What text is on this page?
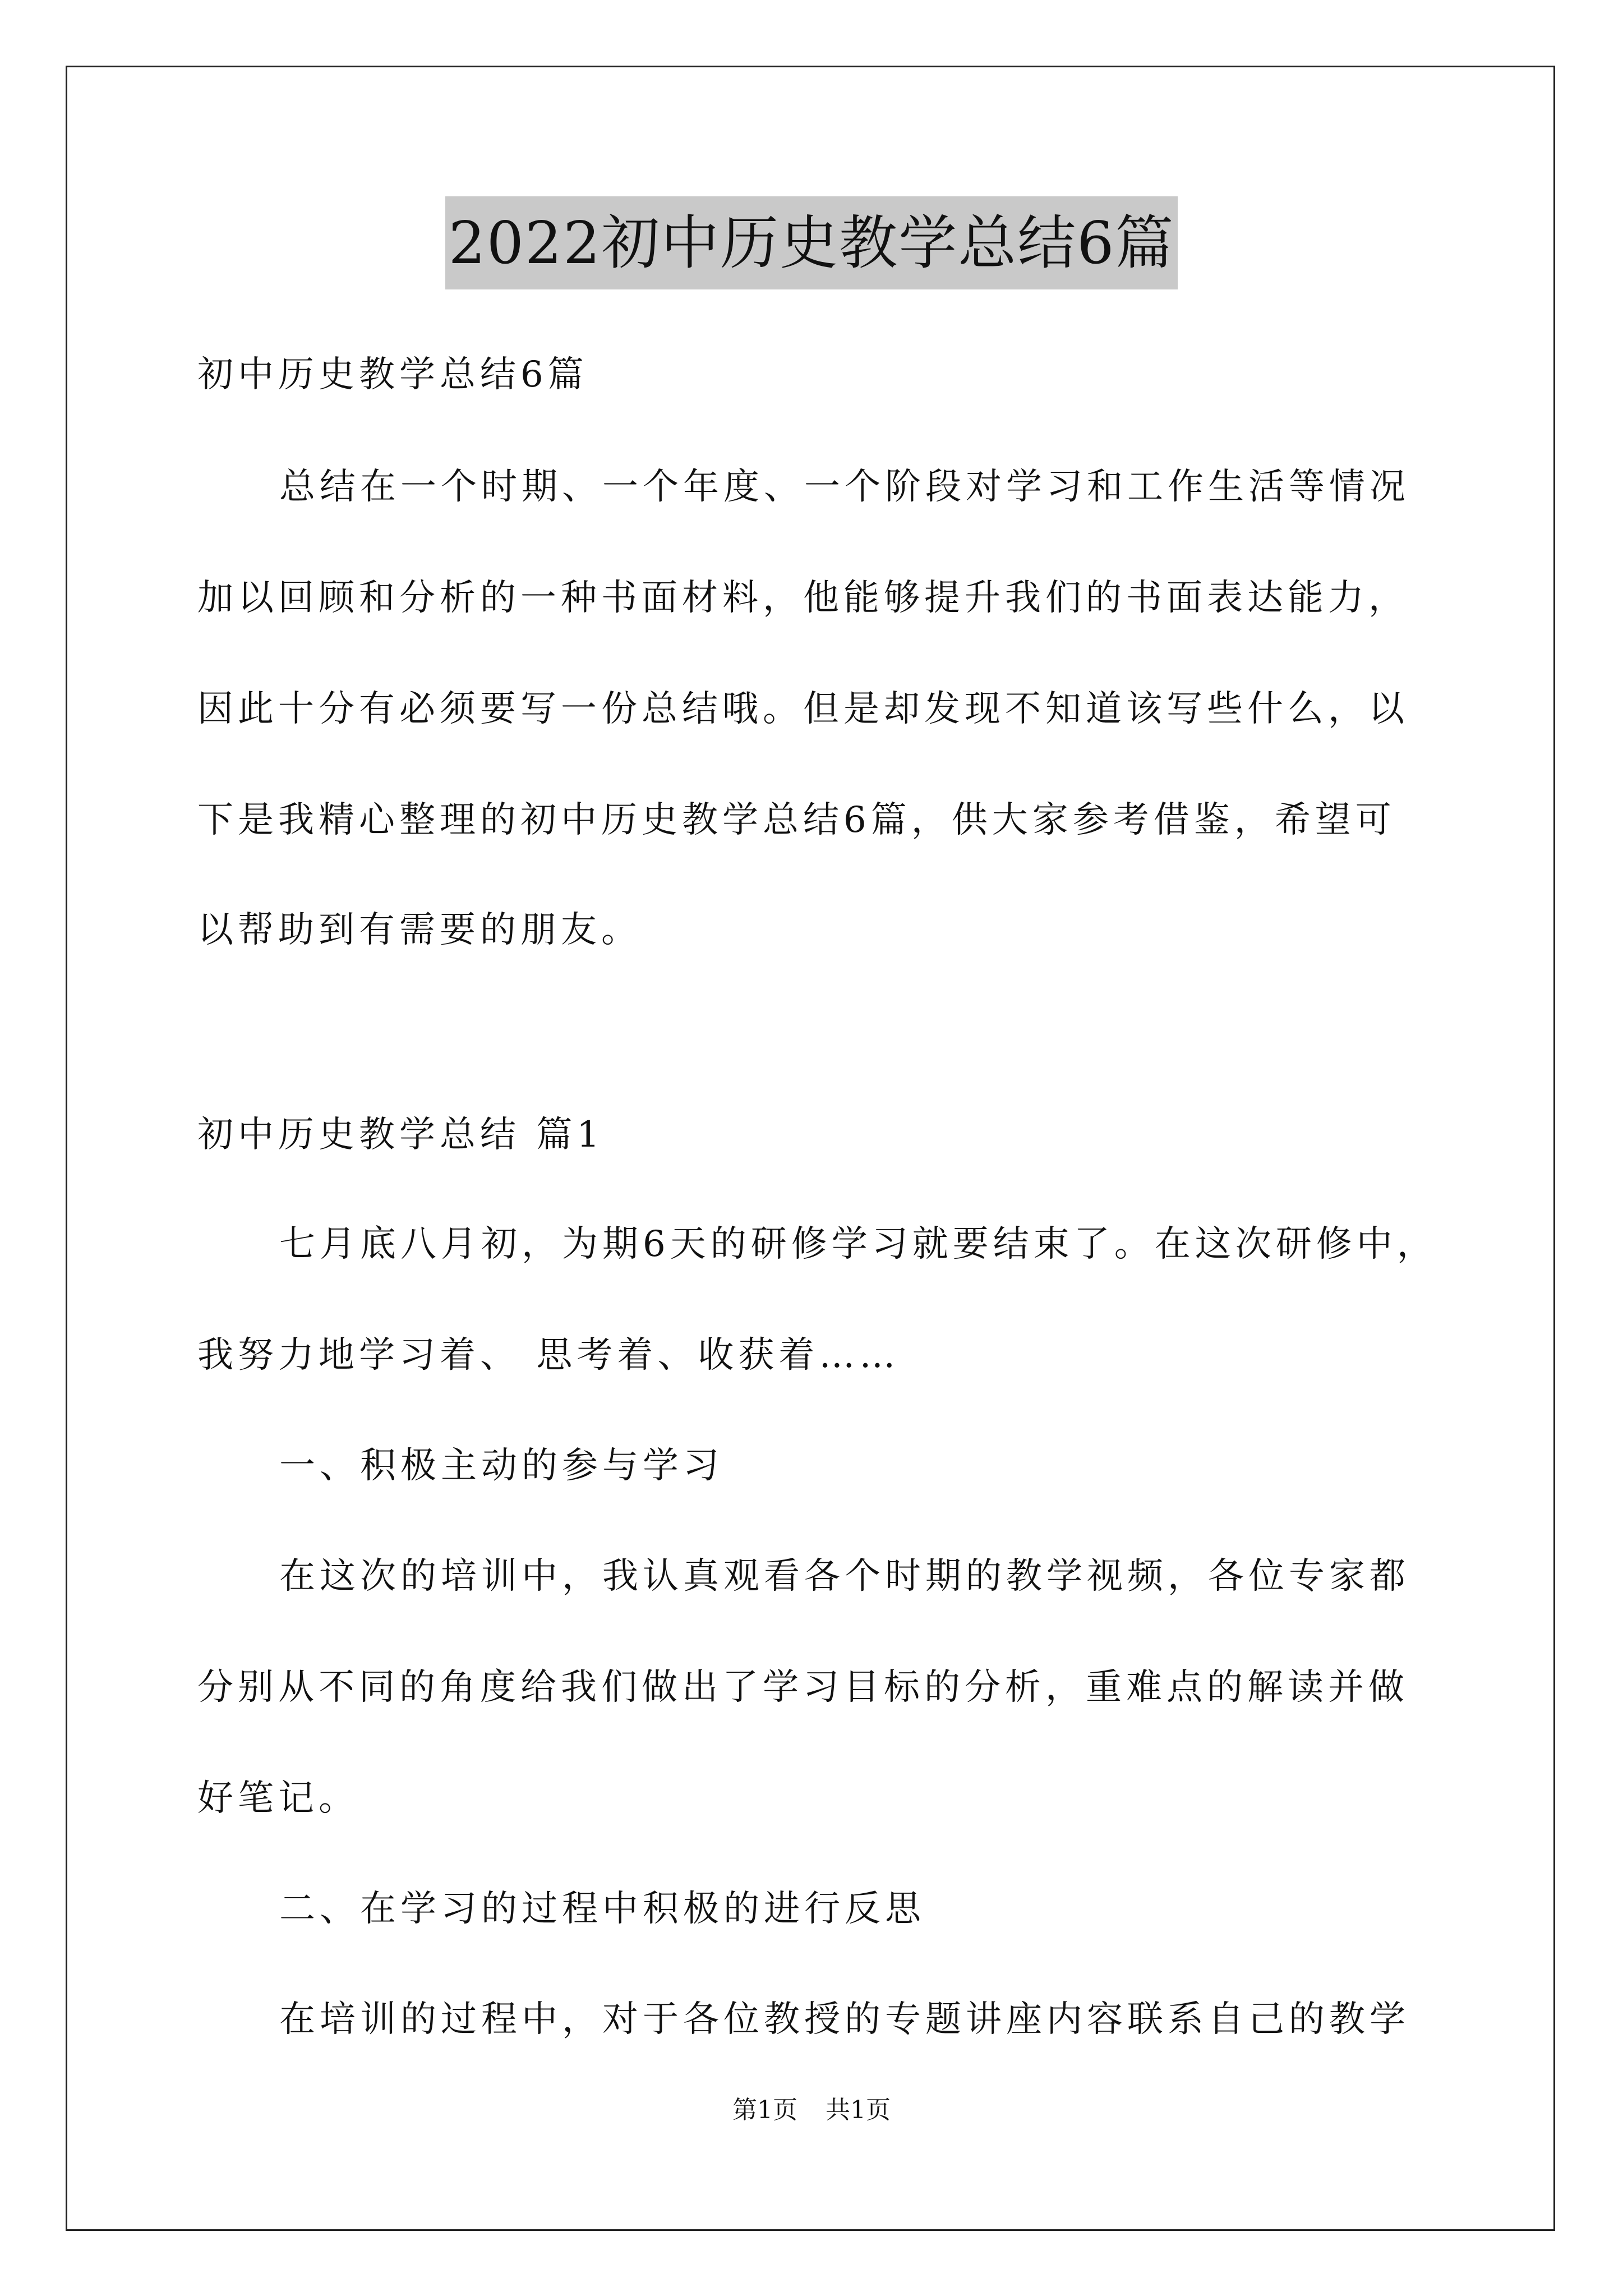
2022初中历史教学总结6篇

初中历史教学总结6篇

总结在一个时期、一个年度、一个阶段对学习和工作生活等情况

加以回顾和分析的一种书面材料，他能够提升我们的书面表达能力，

因此十分有必须要写一份总结哦。但是却发现不知道该写些什么，以

下是我精心整理的初中历史教学总结6篇，供大家参考借鉴，希望可

以帮助到有需要的朋友。

初中历史教学总结 篇1

七月底八月初，为期6天的研修学习就要结束了。在这次研修中，

我努力地学习着、 思考着、收获着……

一、积极主动的参与学习

在这次的培训中，我认真观看各个时期的教学视频，各位专家都

分别从不同的角度给我们做出了学习目标的分析，重难点的解读并做

好笔记。

二、在学习的过程中积极的进行反思

在培训的过程中，对于各位教授的专题讲座内容联系自己的教学

第1页 共1页
